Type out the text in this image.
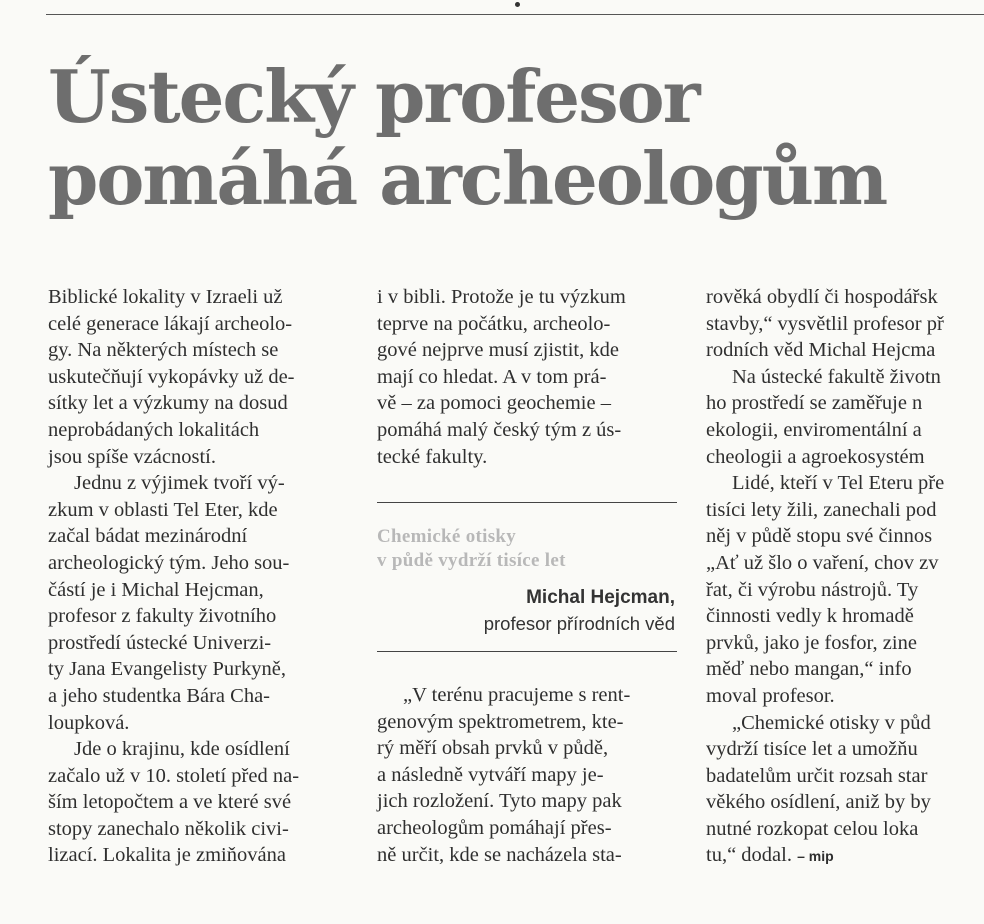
Ústecký profesor
pomáhá archeologům

Biblické lokality v Izraeli už
celé generace lákají archeolo-
gy. Na některých místech se
uskutečňují vykopávky už de-
sítky let a výzkumy na dosud
neprobádaných lokalitách
jsou spíše vzácností.

Jednu z výjimek tvoří vý-
zkum v oblasti Tel Eter, kde
začal bádat mezinárodní
archeologický tým. Jeho sou-
částí je i Michal Hejcman,
profesor z fakulty životního
prostředí ústecké Univerzi-
ty Jana Evangelisty Purkyně,
a jeho studentka Bára Cha-
loupková.

Jde o krajinu, kde osídlení
začalo už v 10. století před na-
ším letopočtem a ve které své
stopy zanechalo několik civi-
lizací. Lokalita je zmiňována

i v bibli. Protože je tu výzkum
teprve na počátku, archeolo-
gové nejprve musí zjistit, kde
mají co hledat. A v tom prá-
vě – za pomoci geochemie –
pomáhá malý český tým z ús-
tecké fakulty.

Chemické otisky
v půdě vydrží tisíce let
Michal Hejcman,
profesor přírodních věd

„V terénu pracujeme s rent-
genovým spektrometrem, kte-
rý měří obsah prvků v půdě,
a následně vytváří mapy je-
jich rozložení. Tyto mapy pak
archeologům pomáhají přes-
ně určit, kde se nacházela sta-

rověká obydlí či hospodářsk
stavby,“ vysvětlil profesor př
rodních věd Michal Hejcma

Na ústecké fakultě životn
ho prostředí se zaměřuje n
ekologii, enviromentální a
cheologii a agroekosystém

Lidé, kteří v Tel Eteru pře
tisíci lety žili, zanechali pod
něj v půdě stopu své činnos
„Ať už šlo o vaření, chov zv
řat, či výrobu nástrojů. Ty
činnosti vedly k hromadě
prvků, jako je fosfor, zine
měď nebo mangan,“ info
moval profesor.

„Chemické otisky v půd
vydrží tisíce let a umožňu
badatelům určit rozsah star
věkého osídlení, aniž by by
nutné rozkopat celou loka
tu,“ dodal. – mip
